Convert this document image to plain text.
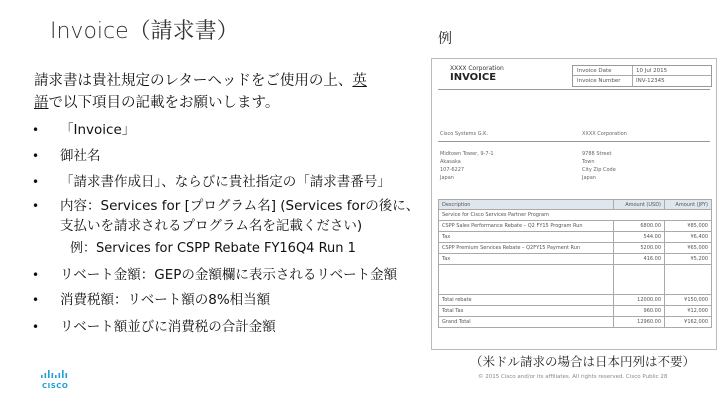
Invoice（請求書）	例
請求書は貴社規定のレターヘッドをご使用の上、英
語で以下項目の記載をお願いします。
• 「Invoice」
• 御社名
• 「請求書作成日」、ならびに貴社指定の「請求書番号」
• 内容：Services for [プログラム名] (Services forの後に、支払いを請求されるプログラム名を記載ください)
• リベート金額：GEPの金額欄に表示されるリベート金額
• 消費税額：リベート額の8%相当額
• リベート額並びに消費税の合計金額
例：Services for CSPP Rebate FY16Q4 Run 1
XXXX Corporation
INVOICE
Invoice Date	10 Jul 2015
Invoice Number	INV-12345
Cisco Systems G.K.	XXXX Corporation
Midtown Tower, 9-7-1
Akasaka
107-6227
Japan
9788 Street
Town
City Zip Code
Japan
Description	Amount (USD)	Amount (JPY)
Service for Cisco Services Partner Program		
CSPP Sales Performance Rebate – Q2 FY15 Program Run	6800.00	¥85,000
Tax	544.00	¥6,400
CSPP Premium Services Rebate – Q2FY15 Payment Run	5200.00	¥65,000
Tax	416.00	¥5,200

Total rebate	12000.00	¥150,000
Total Tax	960.00	¥12,000
Grand Total	12960.00	¥162,000
（米ドル請求の場合は日本円列は不要）
CISCO
© 2015 Cisco and/or its affiliates. All rights reserved. Cisco Public 28
